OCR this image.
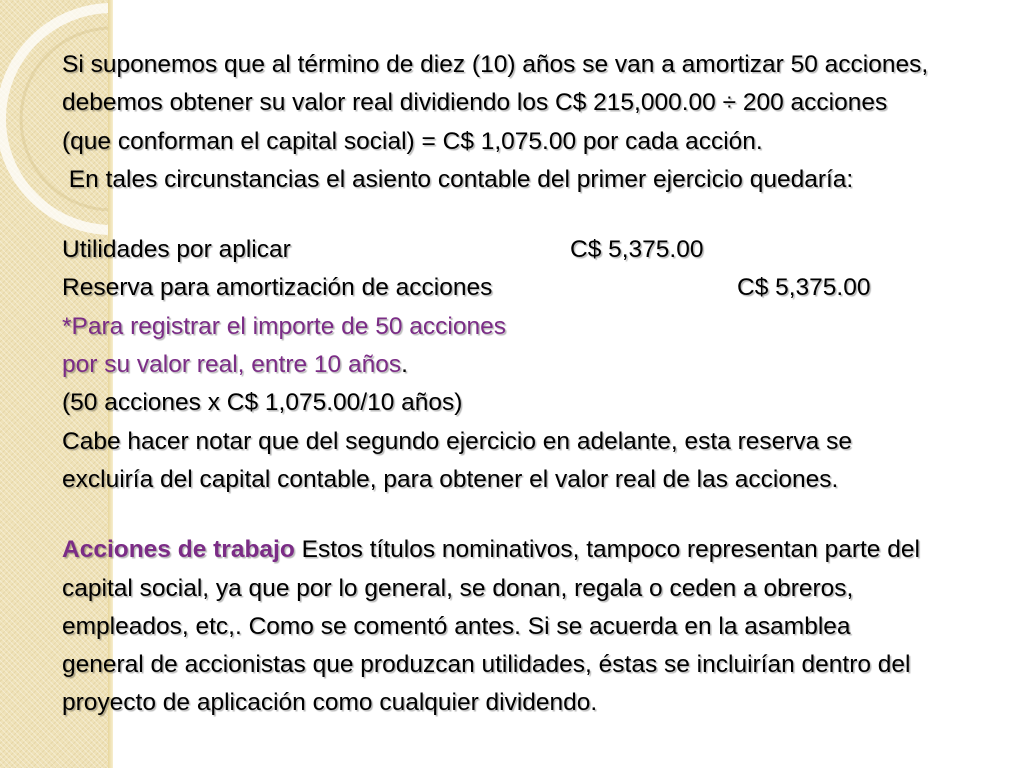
Si suponemos que al término de diez (10) años se van a amortizar 50 acciones,
debemos obtener su valor real dividiendo los C$ 215,000.00 ÷ 200 acciones
(que conforman el capital social) = C$ 1,075.00 por cada acción.
En tales circunstancias el asiento contable del primer ejercicio quedaría:
Utilidades por aplicar	C$ 5,375.00
Reserva para amortización de acciones	C$ 5,375.00
*Para registrar el importe de 50 acciones
por su valor real, entre 10 años.
(50 acciones x C$ 1,075.00/10 años)
Cabe hacer notar que del segundo ejercicio en adelante, esta reserva se
excluiría del capital contable, para obtener el valor real de las acciones.
Acciones de trabajo Estos títulos nominativos, tampoco representan parte del
capital social, ya que por lo general, se donan, regala o ceden a obreros,
empleados, etc,. Como se comentó antes. Si se acuerda en la asamblea
general de accionistas que produzcan utilidades, éstas se incluirían dentro del
proyecto de aplicación como cualquier dividendo.
